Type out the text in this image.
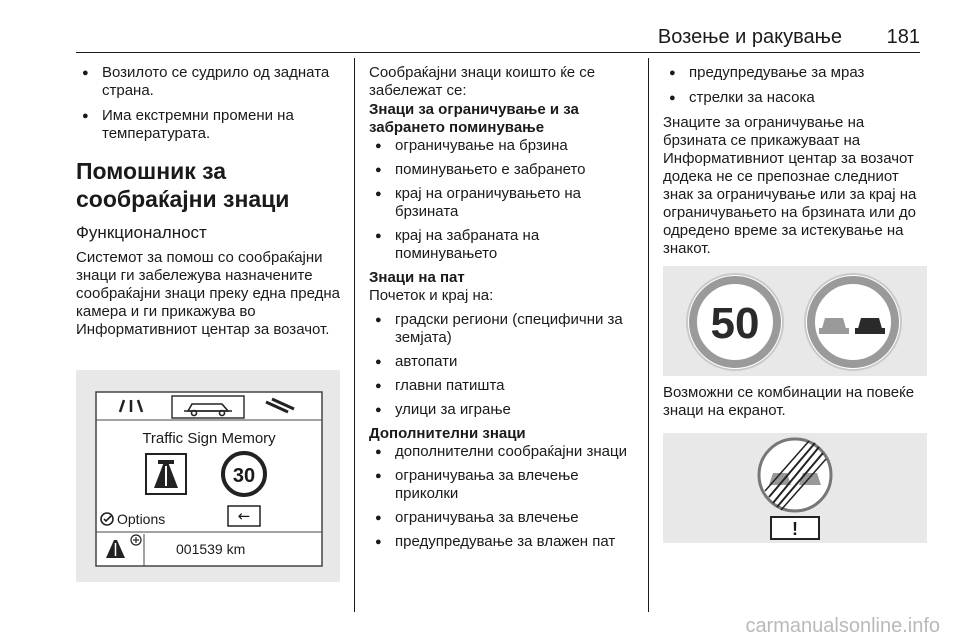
Возење и ракување 181
● Возилото се судрило од задната страна.
● Има екстремни промени на температурата.
Помошник за сообраќајни знаци
Функционалност

Системот за помош со сообраќајни знаци ги забележува назначените сообраќајни знаци преку една предна камера и ги прикажува во Информативниот центар за возачот.

Traffic Sign Memory
30
Options	←
001539 km

Сообраќајни знаци коишто ќе се забележат се:

Знаци за ограничување и за забрането поминување

● ограничување на брзина
● поминувањето е забрането
● крај на ограничувањето на брзината
● крај на забраната на поминувањето

Знаци на пат

Почеток и крај на:

● градски региони (специфични за земјата)
● автопати
● главни патишта
● улици за играње

Дополнителни знаци

● дополнителни сообраќајни знаци
● ограничувања за влечење приколки
● ограничувања за влечење
● предупредување за влажен пат
● предупредување за мраз
● стрелки за насока

Знаците за ограничување на брзината се прикажуваат на Информативниот центар за возачот додека не се препознае следниот знак за ограничување или за крај на ограничувањето на брзината или до одредено време за истекување на знакот.

50

Возможни се комбинации на повеќе знаци на екранот.

!
carmanualsonline.info
